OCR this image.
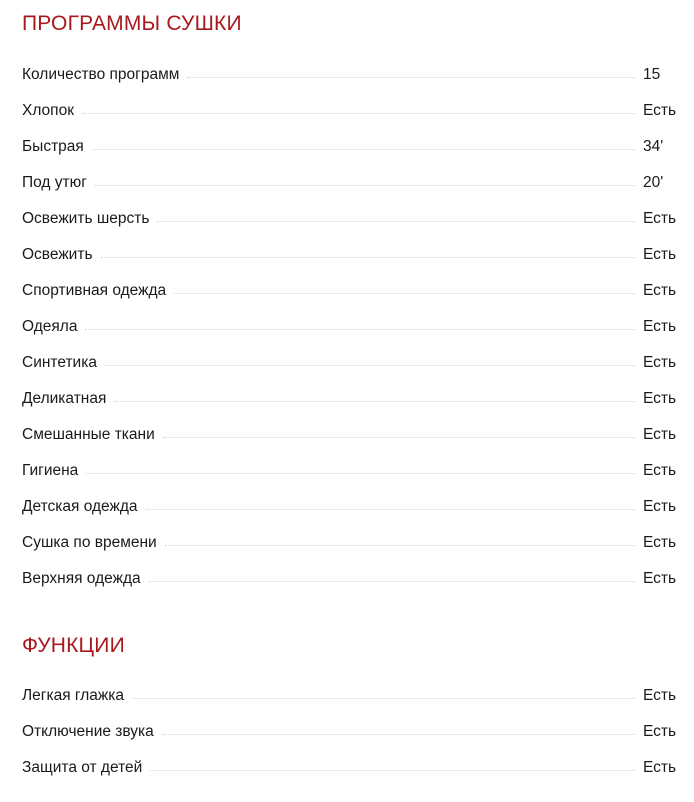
ПРОГРАММЫ СУШКИ
Количество программ	15
Хлопок	Есть
Быстрая	34'
Под утюг	20'
Освежить шерсть	Есть
Освежить	Есть
Спортивная одежда	Есть
Одеяла	Есть
Синтетика	Есть
Деликатная	Есть
Смешанные ткани	Есть
Гигиена	Есть
Детская одежда	Есть
Сушка по времени	Есть
Верхняя одежда	Есть
ФУНКЦИИ
Легкая глажка	Есть
Отключение звука	Есть
Защита от детей	Есть
